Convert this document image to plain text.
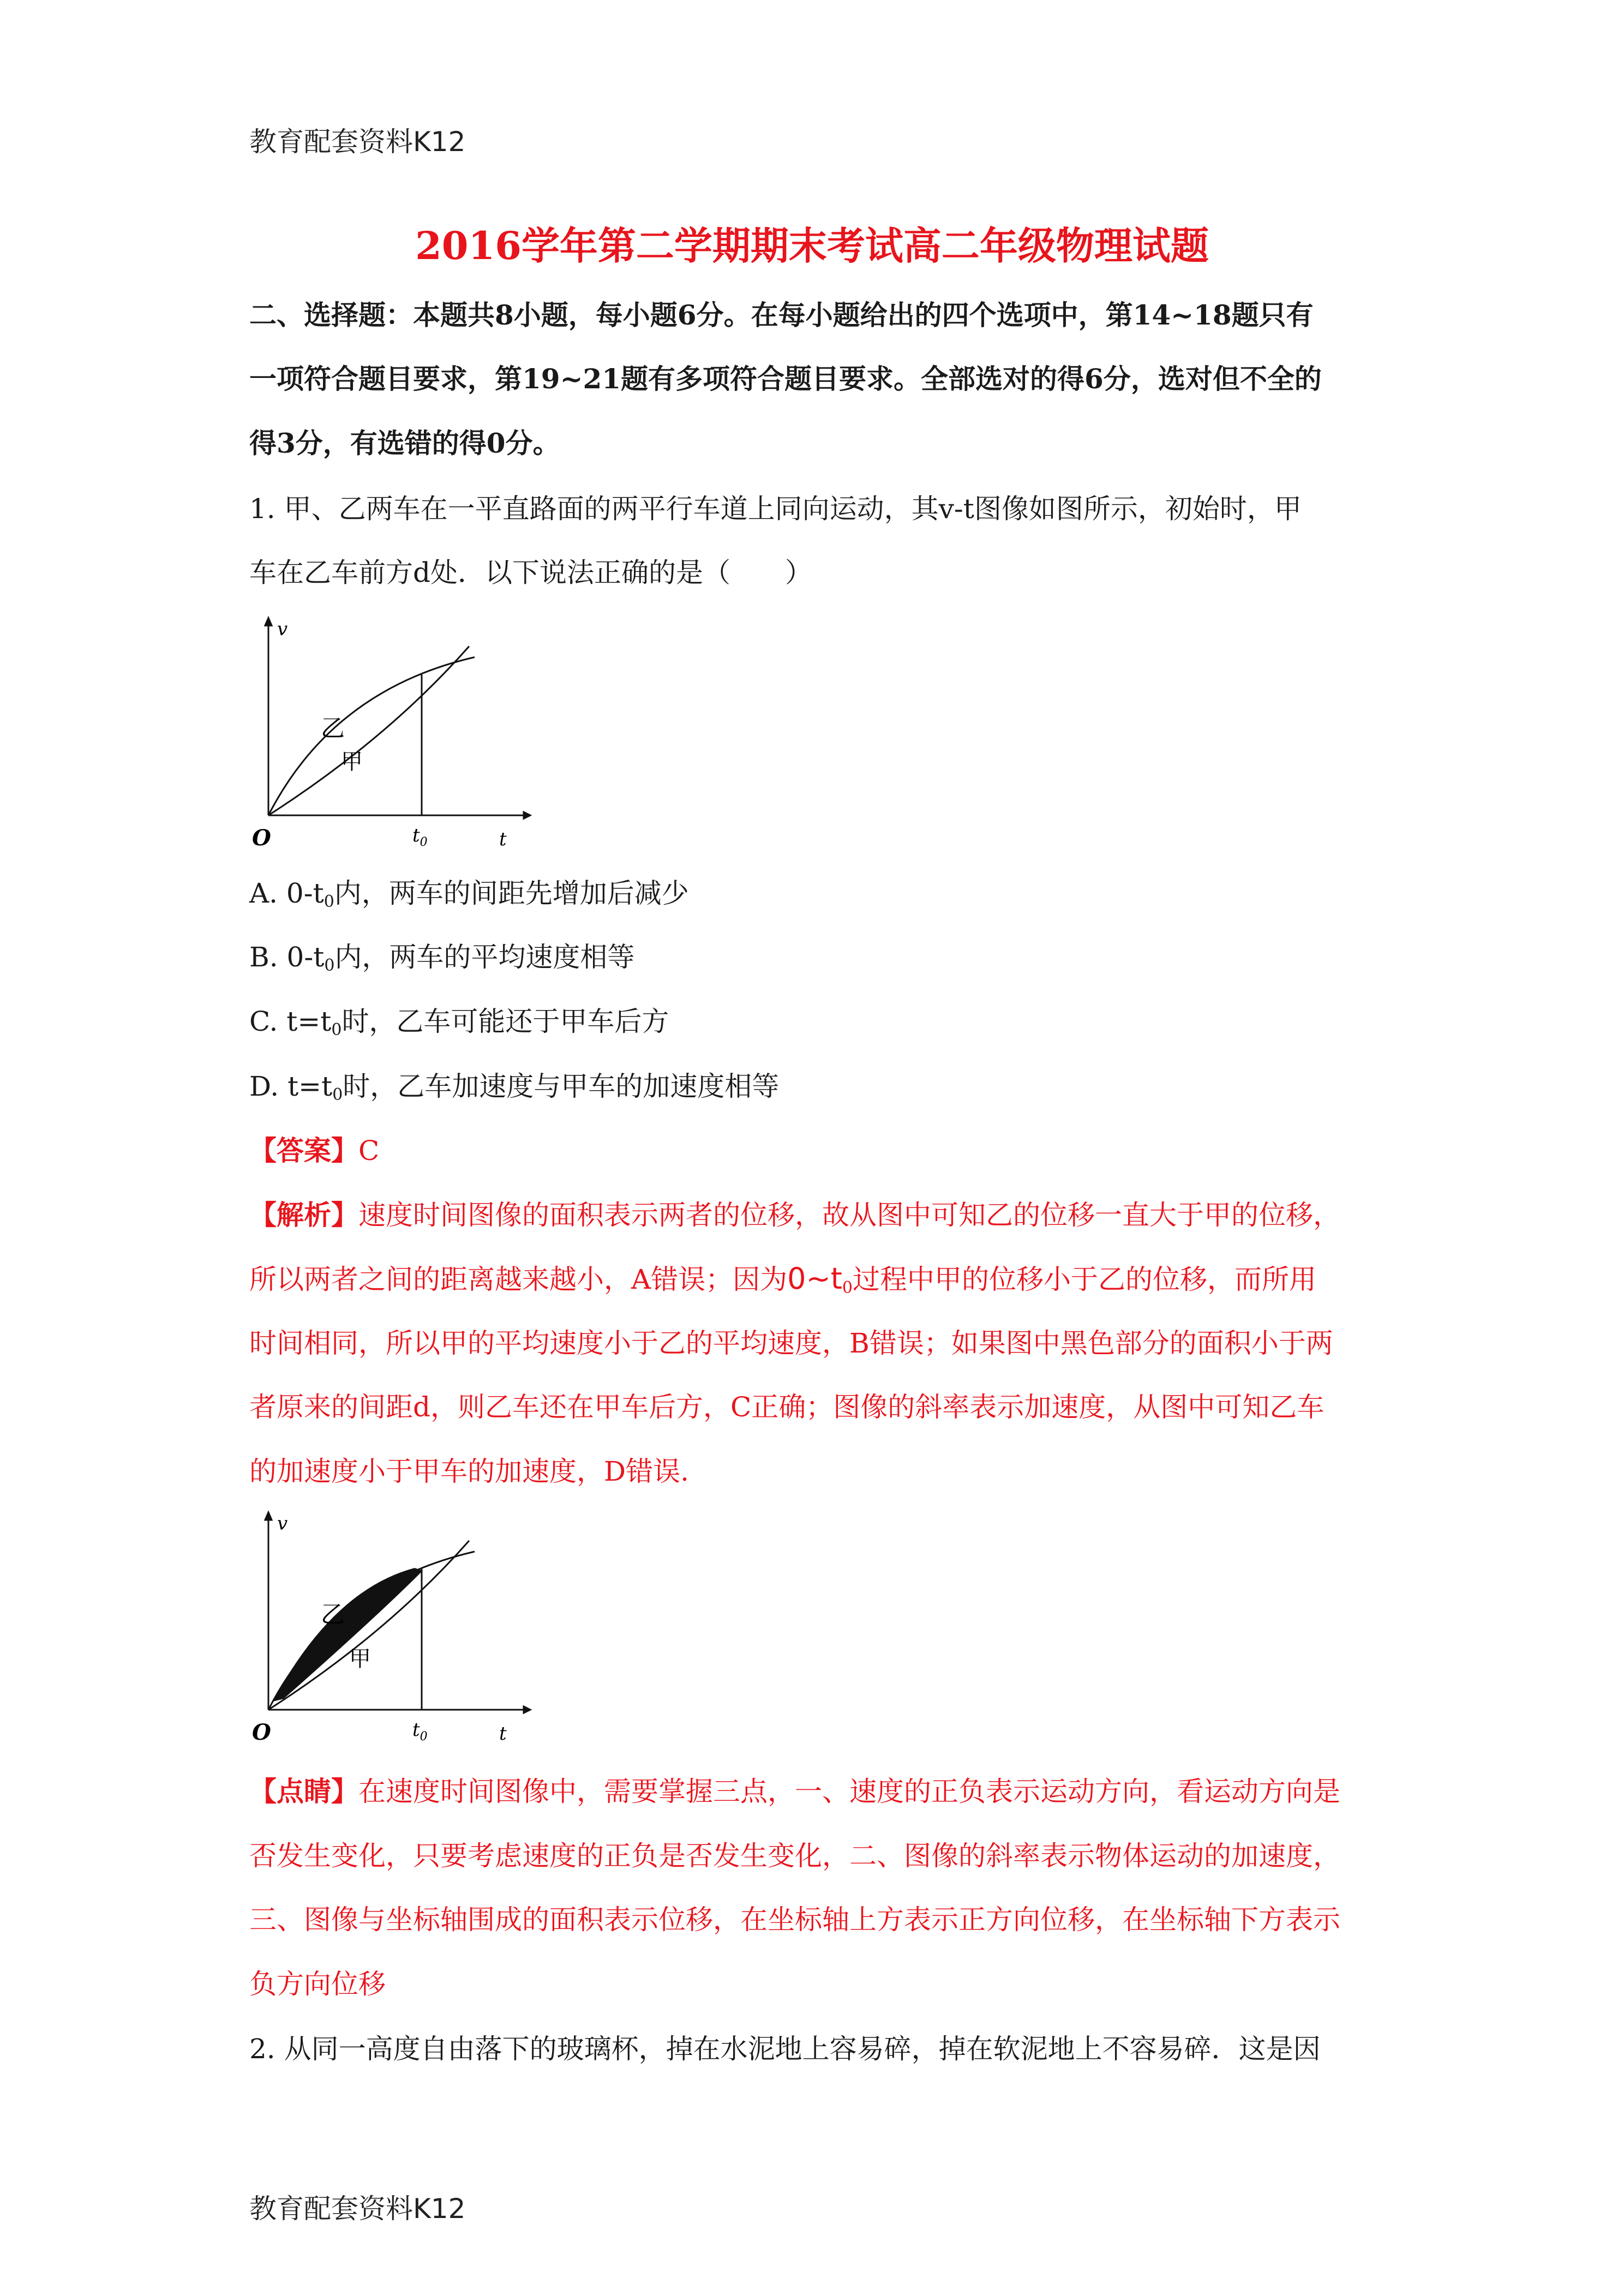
教育配套资料K12
教育配套资料K12
2016学年第二学期期末考试高二年级物理试题
二、选择题：本题共8小题，每小题6分。在每小题给出的四个选项中，第14~18题只有
一项符合题目要求，第19~21题有多项符合题目要求。全部选对的得6分，选对但不全的
得3分，有选错的得0分。
1. 甲、乙两车在一平直路面的两平行车道上同向运动，其v-t图像如图所示，初始时，甲
车在乙车前方d处．以下说法正确的是（　　）
v
t
O	$t_0$
乙
甲
A. $0-t_0$内，两车的间距先增加后减少
B. $0-t_0$内，两车的平均速度相等
C. $t=t_0$时，乙车可能还于甲车后方
D. $t=t_0$时，乙车加速度与甲车的加速度相等
【答案】C
【解析】速度时间图像的面积表示两者的位移，故从图中可知乙的位移一直大于甲的位移，
所以两者之间的距离越来越小，A错误；因为$0\sim t_0$过程中甲的位移小于乙的位移，而所用
时间相同，所以甲的平均速度小于乙的平均速度，B错误；如果图中黑色部分的面积小于两
者原来的间距d，则乙车还在甲车后方，C正确；图像的斜率表示加速度，从图中可知乙车
的加速度小于甲车的加速度，D错误.
v
t
O	$t_0$
乙
甲
【点睛】在速度时间图像中，需要掌握三点，一、速度的正负表示运动方向，看运动方向是
否发生变化，只要考虑速度的正负是否发生变化，二、图像的斜率表示物体运动的加速度，
三、图像与坐标轴围成的面积表示位移，在坐标轴上方表示正方向位移，在坐标轴下方表示
负方向位移
2. 从同一高度自由落下的玻璃杯，掉在水泥地上容易碎，掉在软泥地上不容易碎．这是因
